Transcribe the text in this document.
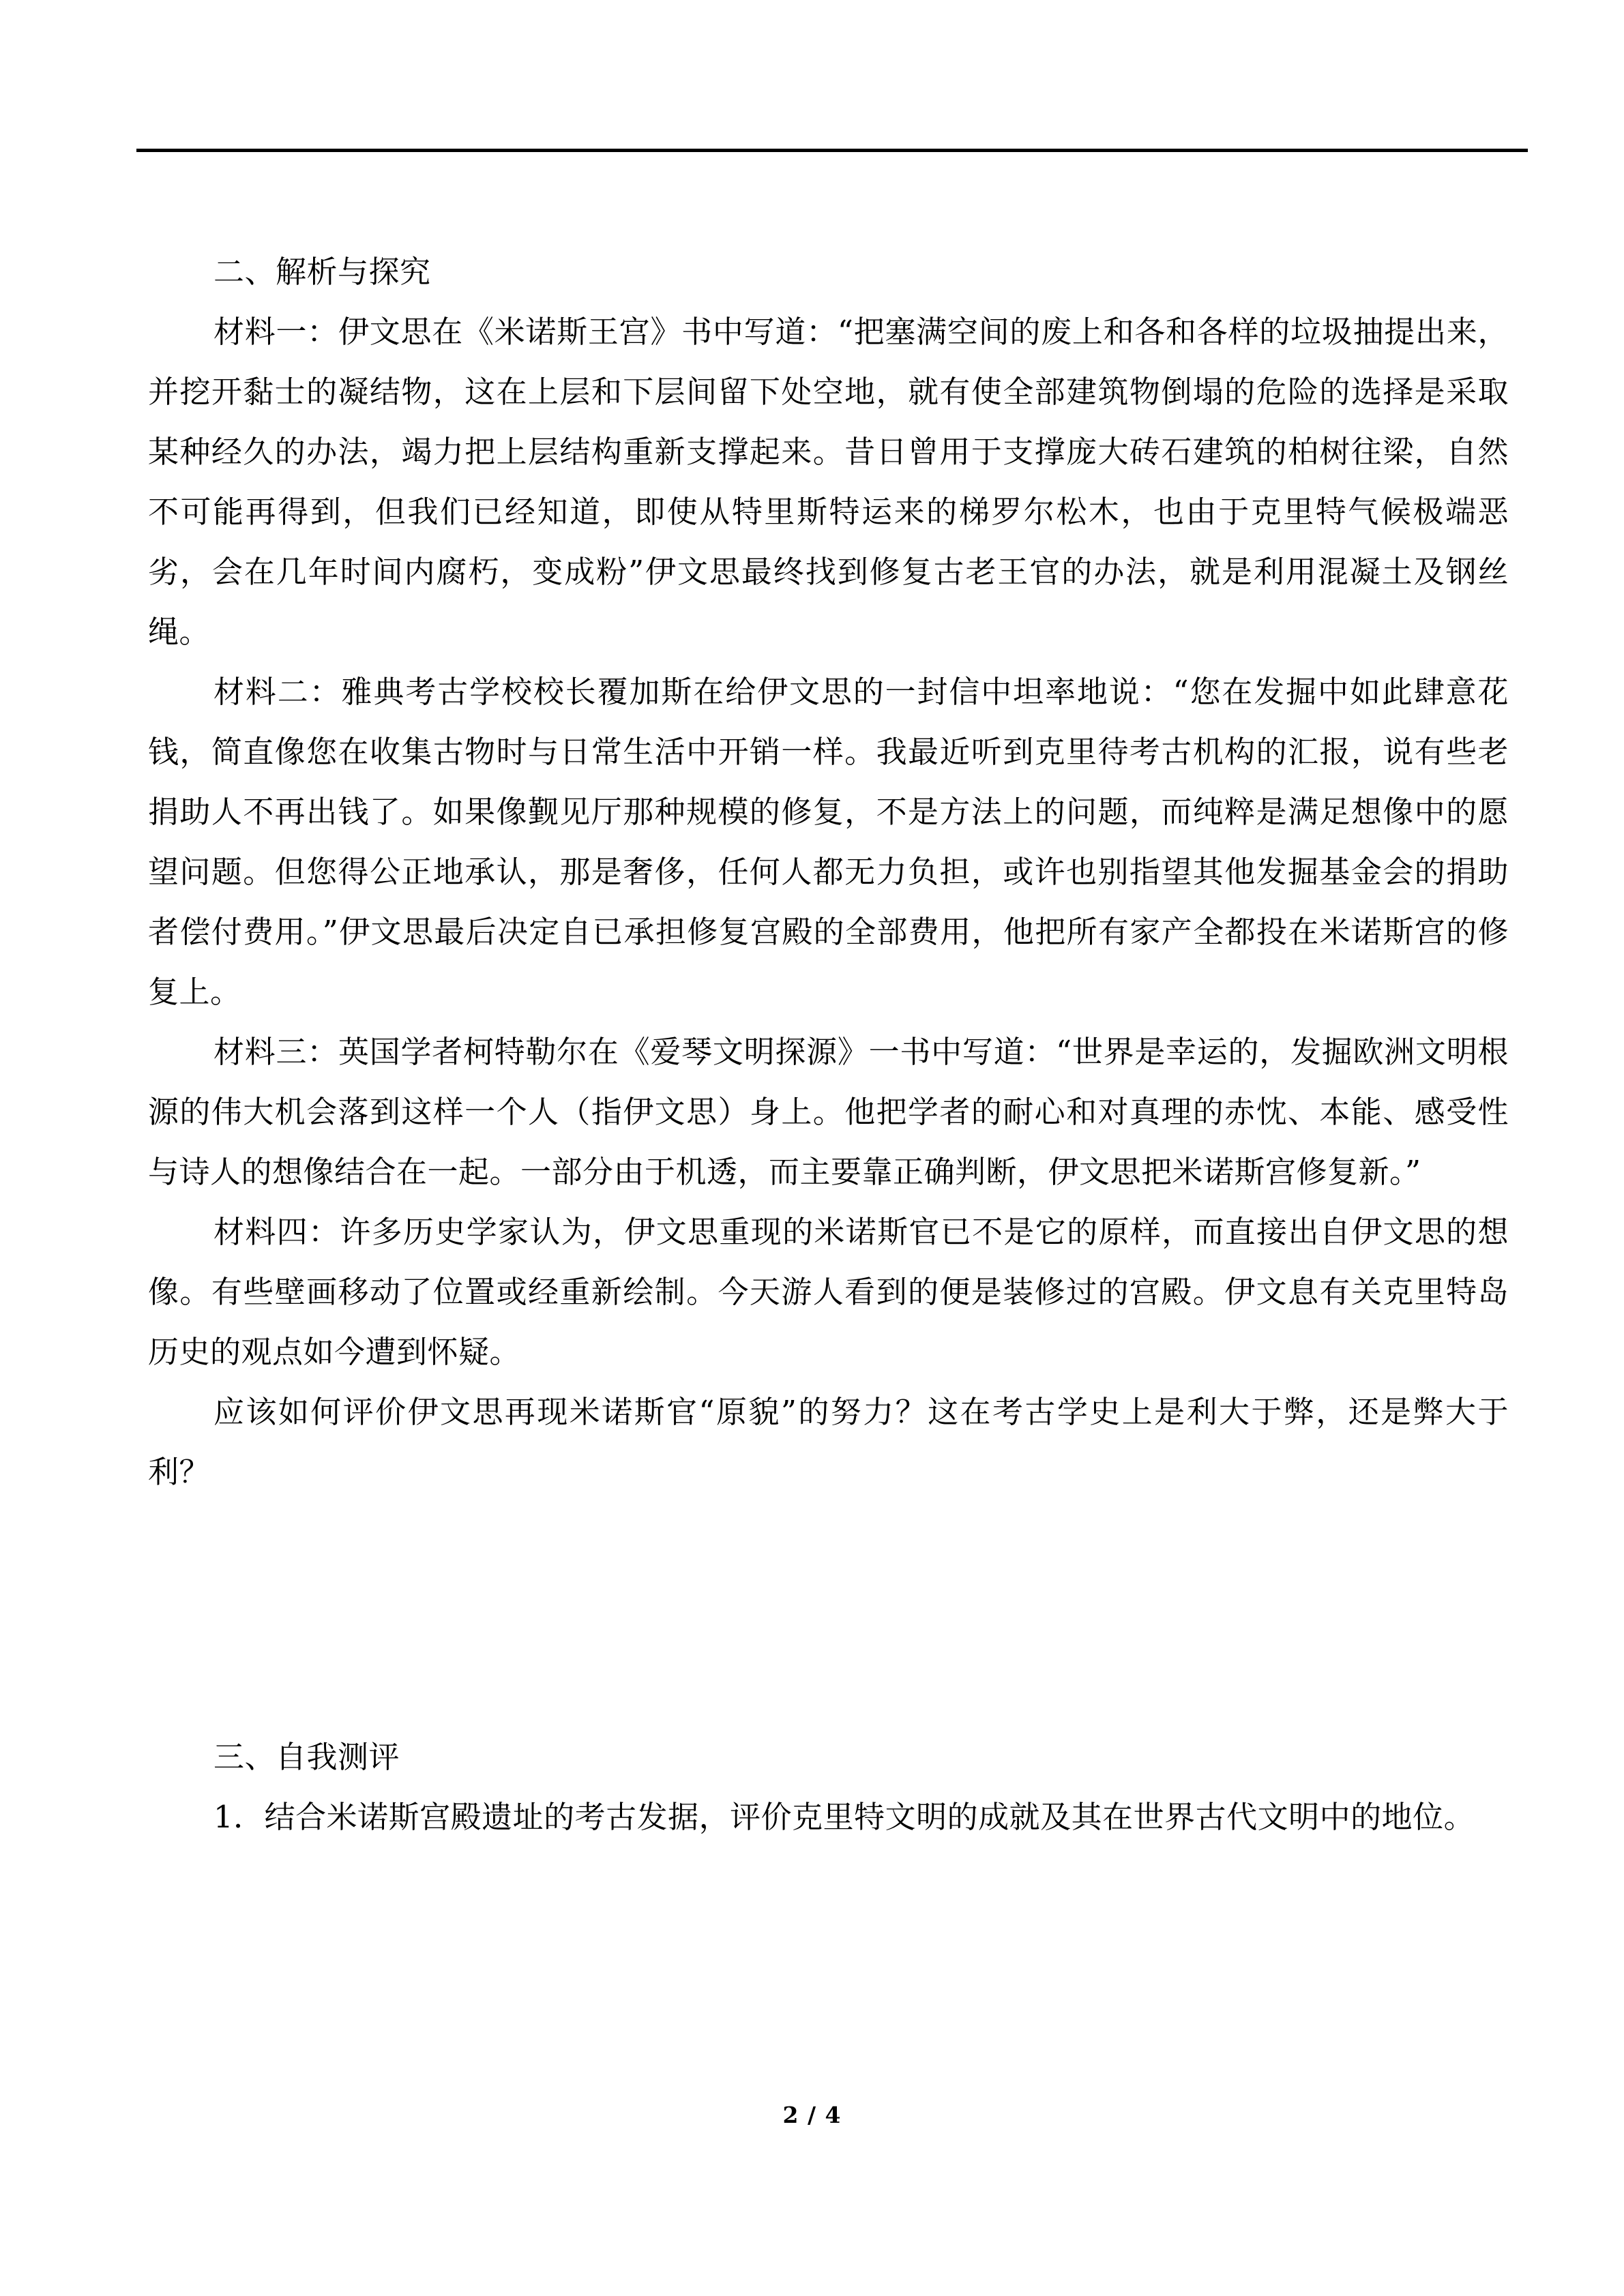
二、解析与探究

材料一：伊文思在《米诺斯王宫》书中写道：“把塞满空间的废上和各和各样的垃圾抽提出来，并挖开黏士的凝结物，这在上层和下层间留下处空地，就有使全部建筑物倒塌的危险的选择是采取某种经久的办法，竭力把上层结构重新支撑起来。昔日曾用于支撑庞大砖石建筑的柏树往梁，自然不可能再得到，但我们已经知道，即使从特里斯特运来的梯罗尔松木，也由于克里特气候极端恶劣，会在几年时间内腐朽，变成粉”伊文思最终找到修复古老王官的办法，就是利用混凝土及钢丝绳。

材料二：雅典考古学校校长覆加斯在给伊文思的一封信中坦率地说：“您在发掘中如此肆意花钱，简直像您在收集古物时与日常生活中开销一样。我最近听到克里待考古机构的汇报，说有些老捐助人不再出钱了。如果像觐见厅那种规模的修复，不是方法上的问题，而纯粹是满足想像中的愿望问题。但您得公正地承认，那是奢侈，任何人都无力负担，或许也别指望其他发掘基金会的捐助者偿付费用。”伊文思最后决定自已承担修复宫殿的全部费用，他把所有家产全都投在米诺斯宫的修复上。

材料三：英国学者柯特勒尔在《爱琴文明探源》一书中写道：“世界是幸运的，发掘欧洲文明根源的伟大机会落到这样一个人（指伊文思）身上。他把学者的耐心和对真理的赤忱、本能、感受性与诗人的想像结合在一起。一部分由于机透，而主要靠正确判断，伊文思把米诺斯宫修复新。”

材料四：许多历史学家认为，伊文思重现的米诺斯官已不是它的原样，而直接出自伊文思的想像。有些壁画移动了位置或经重新绘制。今天游人看到的便是装修过的宫殿。伊文息有关克里特岛历史的观点如今遭到怀疑。

应该如何评价伊文思再现米诺斯官“原貌”的努力？这在考古学史上是利大于弊，还是弊大于利？

三、自我测评

1．结合米诺斯宫殿遗址的考古发据，评价克里特文明的成就及其在世界古代文明中的地位。

2 / 4
